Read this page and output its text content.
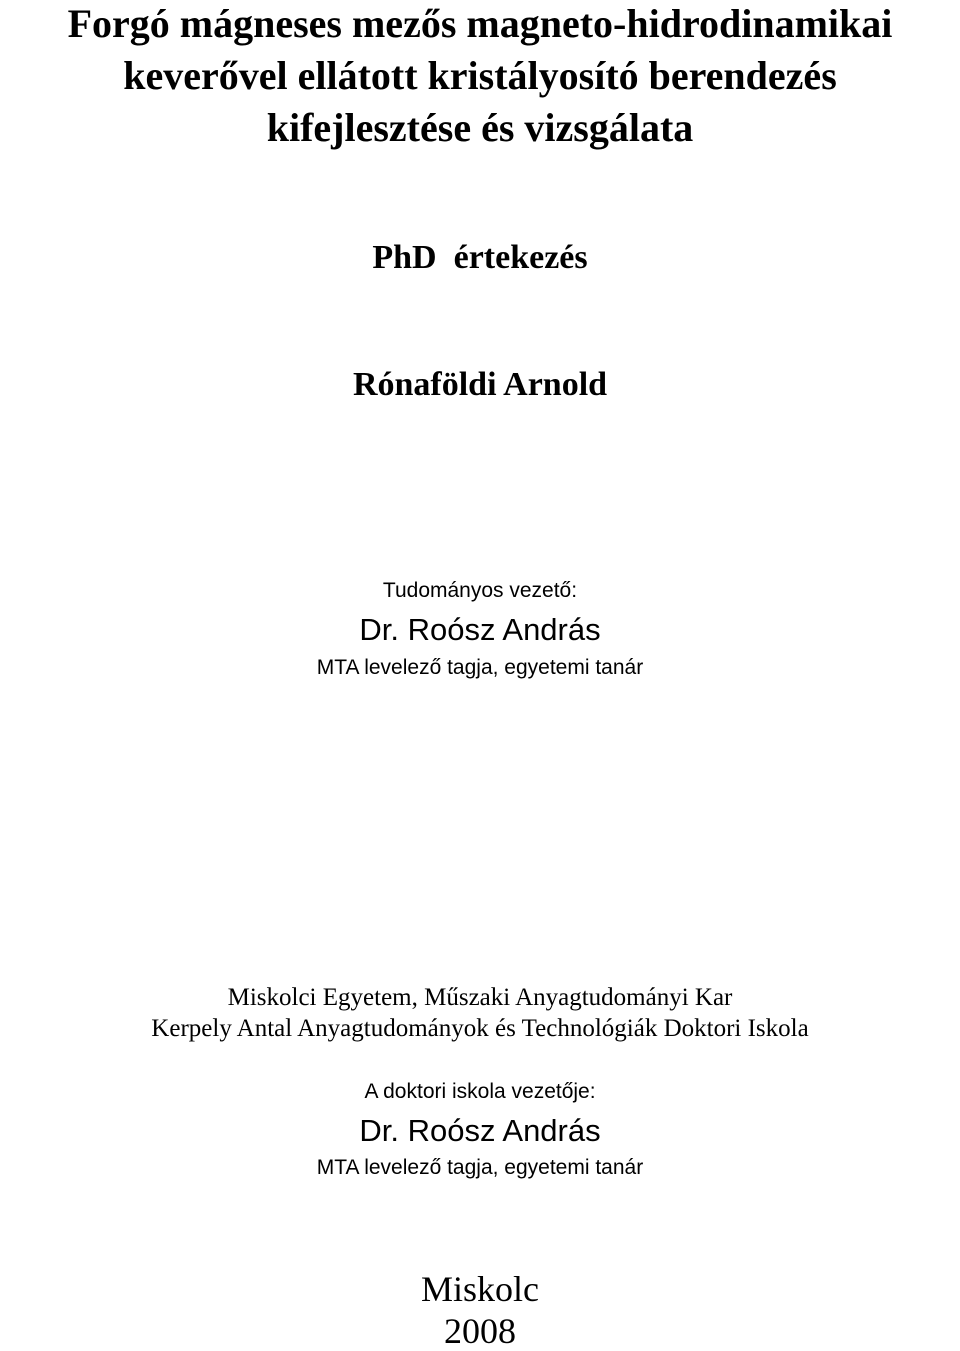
Forgó mágneses mezős magneto-hidrodinamikai
keverővel ellátott kristályosító berendezés
kifejlesztése és vizsgálata
PhD  értekezés
Rónaföldi Arnold
Tudományos vezető:
Dr. Roósz András
MTA levelező tagja, egyetemi tanár
Miskolci Egyetem, Műszaki Anyagtudományi Kar
Kerpely Antal Anyagtudományok és Technológiák Doktori Iskola
A doktori iskola vezetője:
Dr. Roósz András
MTA levelező tagja, egyetemi tanár
Miskolc
2008
